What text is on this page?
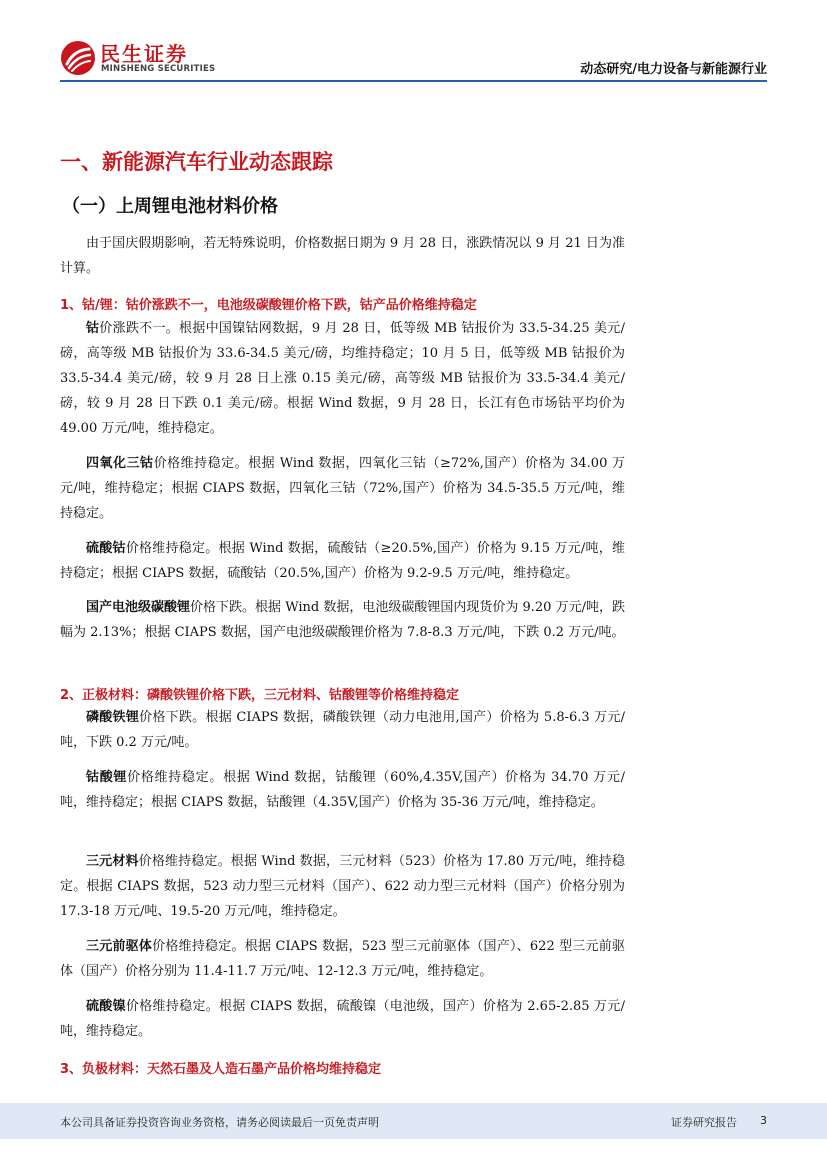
民生证券
MINSHENG SECURITIES	动态研究/电力设备与新能源行业
一、新能源汽车行业动态跟踪
（一）上周锂电池材料价格

由于国庆假期影响，若无特殊说明，价格数据日期为 9 月 28 日，涨跌情况以 9 月 21 日为准计算。

1、钴/锂：钴价涨跌不一，电池级碳酸锂价格下跌，钴产品价格维持稳定

钴价涨跌不一。根据中国镍钴网数据，9 月 28 日，低等级 MB 钴报价为 33.5-34.25 美元/磅，高等级 MB 钴报价为 33.6-34.5 美元/磅，均维持稳定；10 月 5 日，低等级 MB 钴报价为 33.5-34.4 美元/磅，较 9 月 28 日上涨 0.15 美元/磅，高等级 MB 钴报价为 33.5-34.4 美元/磅，较 9 月 28 日下跌 0.1 美元/磅。根据 Wind 数据，9 月 28 日，长江有色市场钴平均价为 49.00 万元/吨，维持稳定。

四氧化三钴价格维持稳定。根据 Wind 数据，四氧化三钴（≥72%,国产）价格为 34.00 万元/吨，维持稳定；根据 CIAPS 数据，四氧化三钴（72%,国产）价格为 34.5-35.5 万元/吨，维持稳定。

硫酸钴价格维持稳定。根据 Wind 数据，硫酸钴（≥20.5%,国产）价格为 9.15 万元/吨，维持稳定；根据 CIAPS 数据，硫酸钴（20.5%,国产）价格为 9.2-9.5 万元/吨，维持稳定。

国产电池级碳酸锂价格下跌。根据 Wind 数据，电池级碳酸锂国内现货价为 9.20 万元/吨，跌幅为 2.13%；根据 CIAPS 数据，国产电池级碳酸锂价格为 7.8-8.3 万元/吨，下跌 0.2 万元/吨。

2、正极材料：磷酸铁锂价格下跌，三元材料、钴酸锂等价格维持稳定

磷酸铁锂价格下跌。根据 CIAPS 数据，磷酸铁锂（动力电池用,国产）价格为 5.8-6.3 万元/吨，下跌 0.2 万元/吨。

钴酸锂价格维持稳定。根据 Wind 数据，钴酸锂（60%,4.35V,国产）价格为 34.70 万元/吨，维持稳定；根据 CIAPS 数据，钴酸锂（4.35V,国产）价格为 35-36 万元/吨，维持稳定。

三元材料价格维持稳定。根据 Wind 数据，三元材料（523）价格为 17.80 万元/吨，维持稳定。根据 CIAPS 数据，523 动力型三元材料（国产）、622 动力型三元材料（国产）价格分别为 17.3-18 万元/吨、19.5-20 万元/吨，维持稳定。

三元前驱体价格维持稳定。根据 CIAPS 数据，523 型三元前驱体（国产）、622 型三元前驱体（国产）价格分别为 11.4-11.7 万元/吨、12-12.3 万元/吨，维持稳定。

硫酸镍价格维持稳定。根据 CIAPS 数据，硫酸镍（电池级，国产）价格为 2.65-2.85 万元/吨，维持稳定。

3、负极材料：天然石墨及人造石墨产品价格均维持稳定
本公司具备证券投资咨询业务资格，请务必阅读最后一页免责声明	证券研究报告 3
